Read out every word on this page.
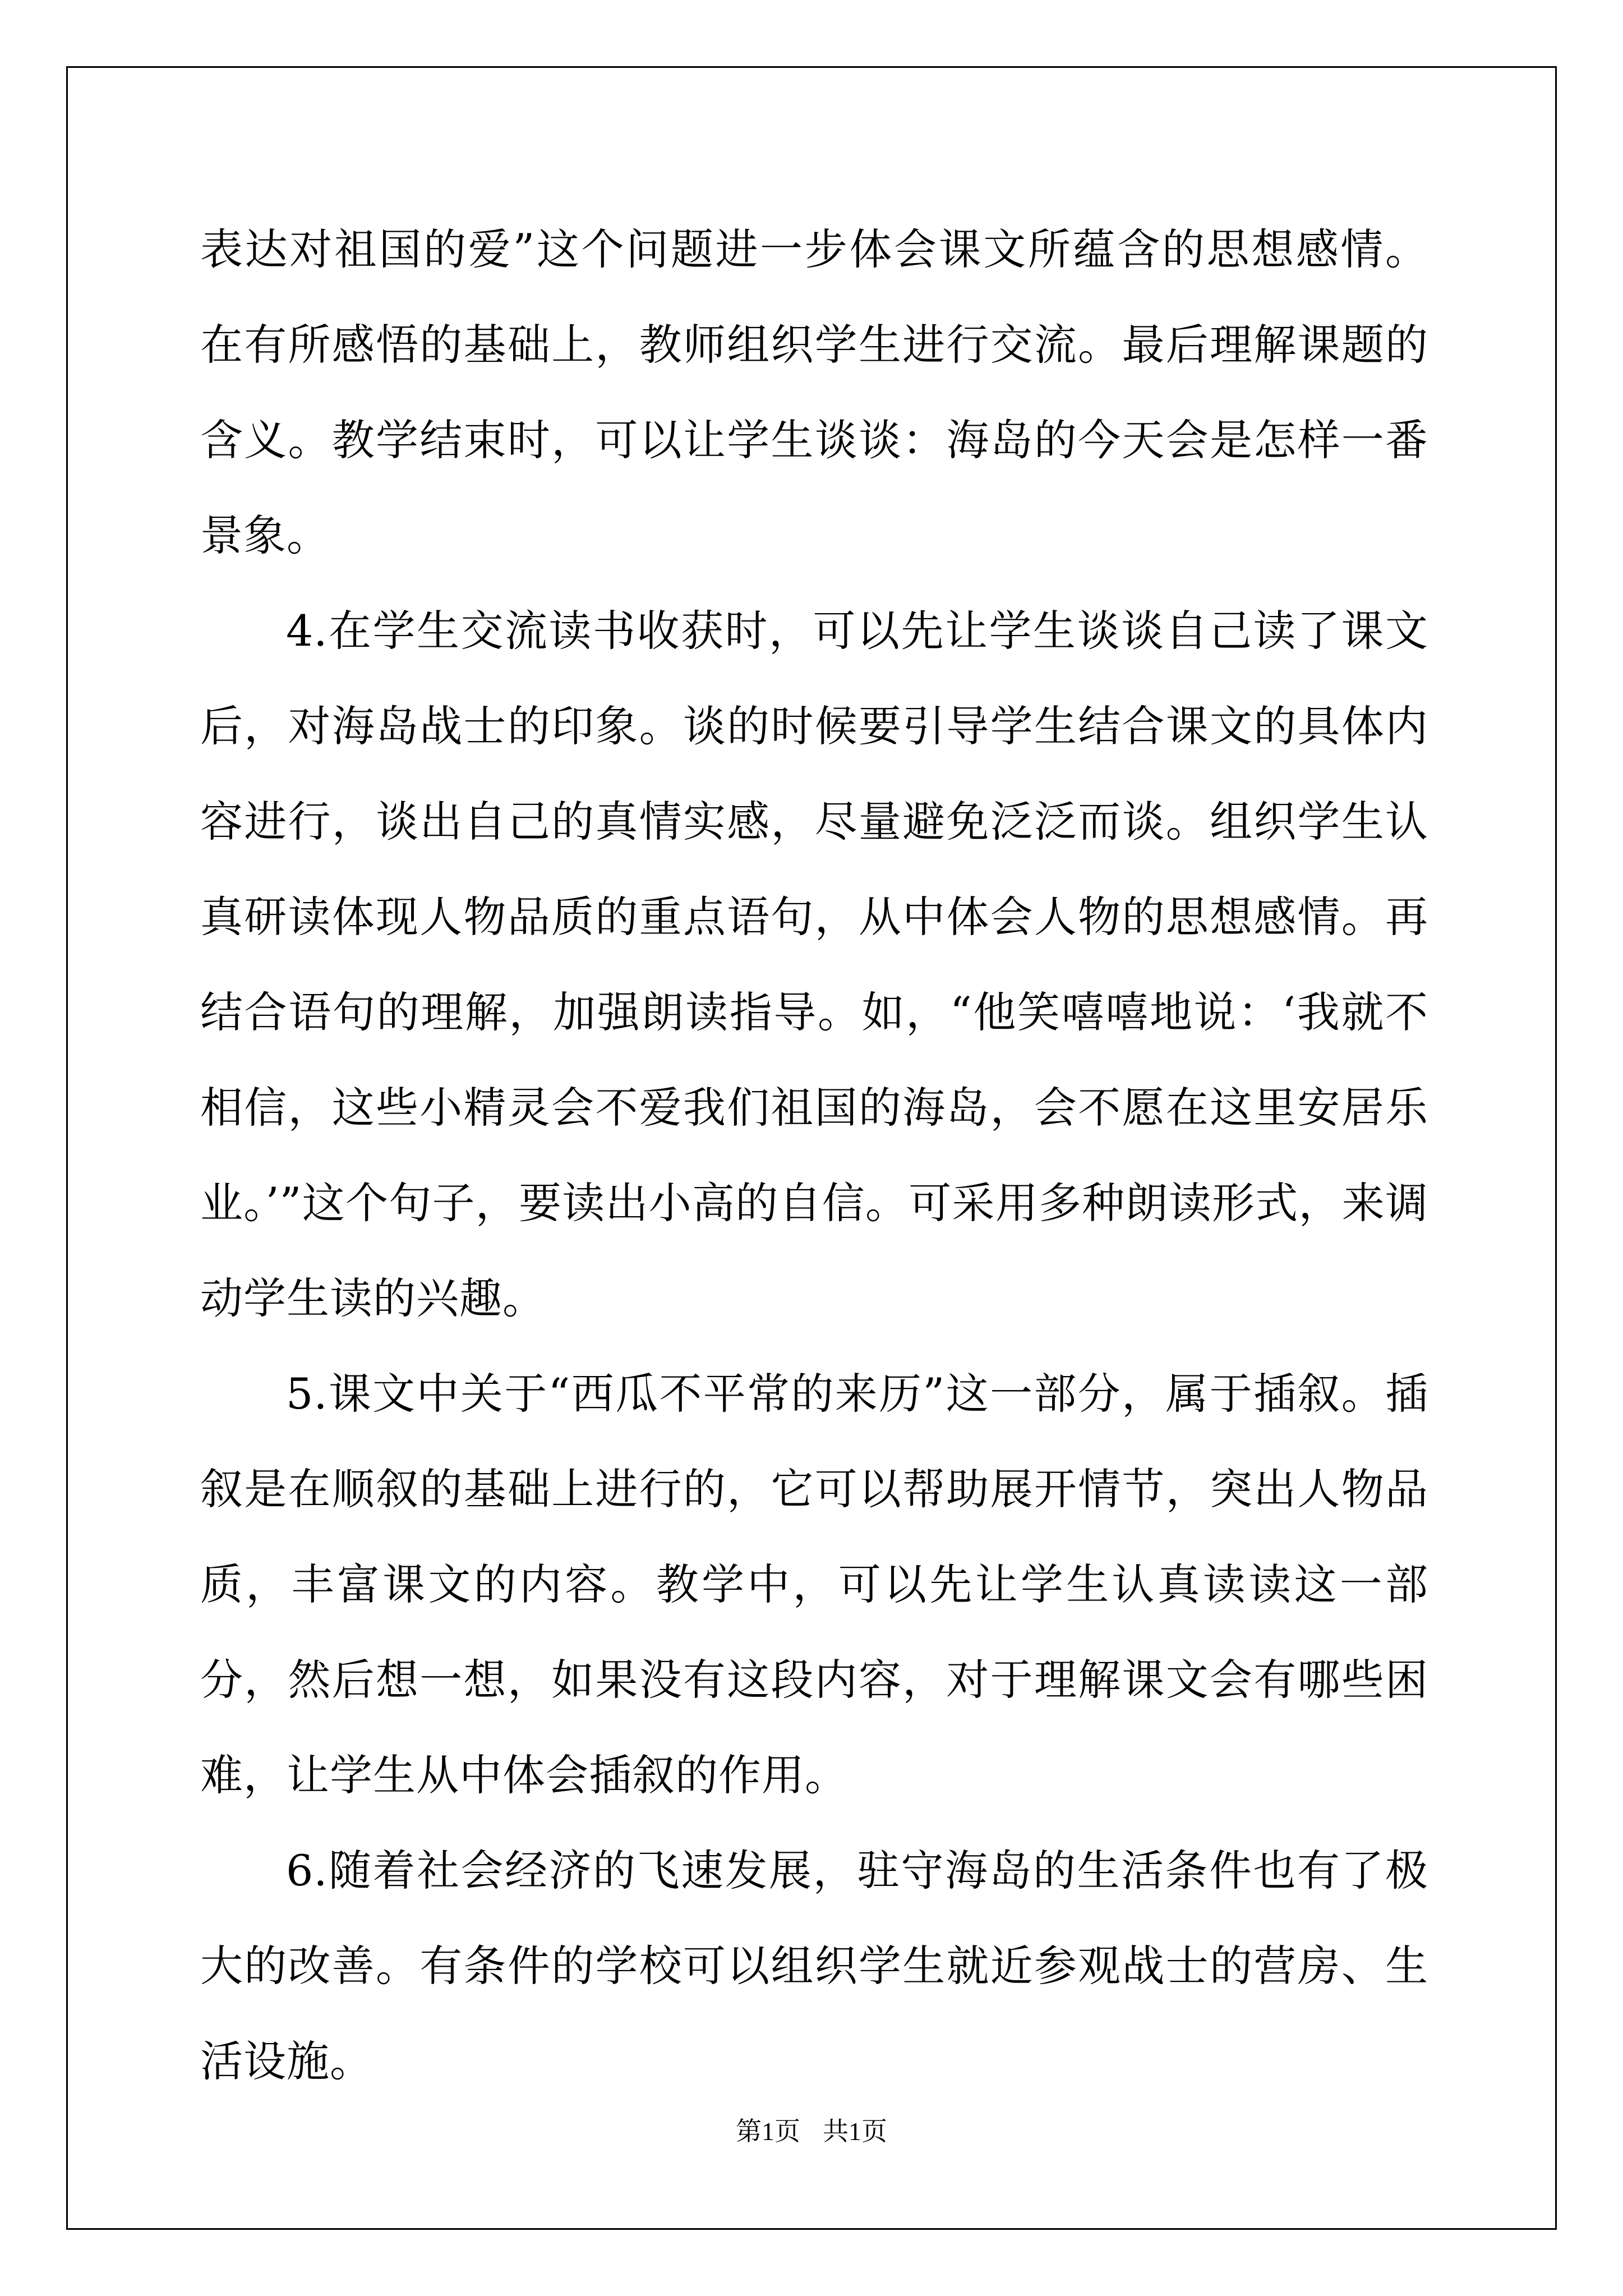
表达对祖国的爱”这个问题进一步体会课文所蕴含的思想感情。在有所感悟的基础上，教师组织学生进行交流。最后理解课题的含义。教学结束时，可以让学生谈谈：海岛的今天会是怎样一番景象。

4.在学生交流读书收获时，可以先让学生谈谈自己读了课文后，对海岛战士的印象。谈的时候要引导学生结合课文的具体内容进行，谈出自己的真情实感，尽量避免泛泛而谈。组织学生认真研读体现人物品质的重点语句，从中体会人物的思想感情。再结合语句的理解，加强朗读指导。如，“他笑嘻嘻地说：‘我就不相信，这些小精灵会不爱我们祖国的海岛，会不愿在这里安居乐业。’”这个句子，要读出小高的自信。可采用多种朗读形式，来调动学生读的兴趣。

5.课文中关于“西瓜不平常的来历”这一部分，属于插叙。插叙是在顺叙的基础上进行的，它可以帮助展开情节，突出人物品质，丰富课文的内容。教学中，可以先让学生认真读读这一部分，然后想一想，如果没有这段内容，对于理解课文会有哪些困难，让学生从中体会插叙的作用。

6.随着社会经济的飞速发展，驻守海岛的生活条件也有了极大的改善。有条件的学校可以组织学生就近参观战士的营房、生活设施。

第1页 共1页
